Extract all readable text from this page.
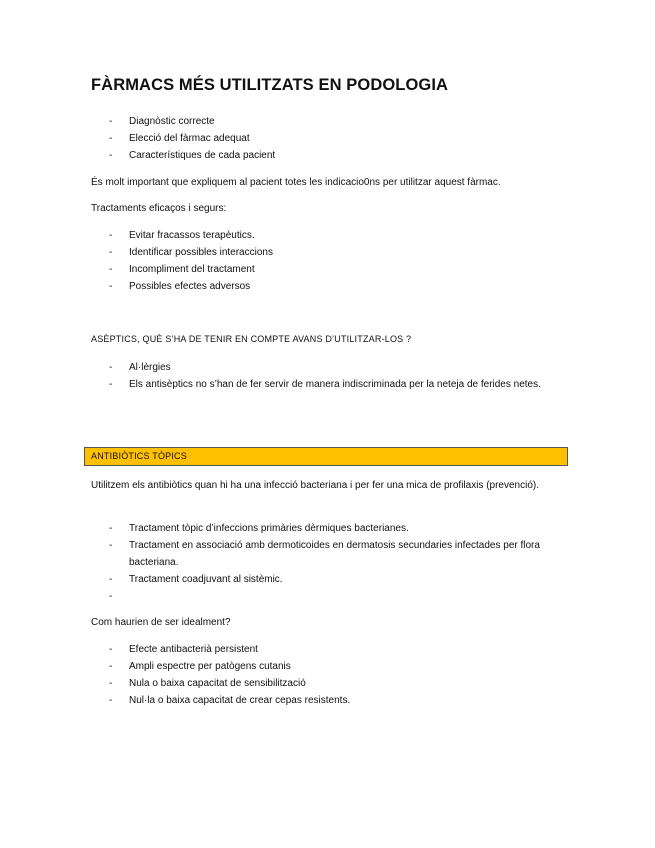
FÀRMACS MÉS UTILITZATS EN PODOLOGIA
- Diagnòstic correcte
- Elecció del fàrmac adequat
- Característiques de cada pacient
És molt important que expliquem al pacient totes les indicacio0ns per utilitzar aquest fàrmac.
Tractaments eficaços i segurs:
- Evitar fracassos terapèutics.
- Identificar possibles interaccions
- Incompliment del tractament
- Possibles efectes adversos
ASÈPTICS, QUÈ S’HA DE TENIR EN COMPTE AVANS D’UTILITZAR-LOS ?
- Al·lèrgies
- Els antisèptics no s’han de fer servir de manera indiscriminada per la neteja de ferides netes.
ANTIBIÒTICS TÒPICS
Utilitzem els antibiòtics quan hi ha una infecció bacteriana i per fer una mica de profilaxis (prevenció).
- Tractament tòpic d’infeccions primàries dèrmiques bacterianes.
- Tractament en associació amb dermoticoides en dermatosis secundaries infectades per flora bacteriana.
- Tractament coadjuvant al sistèmic.
-
Com haurien de ser idealment?
- Efecte antibacterià persistent
- Ampli espectre per patògens cutanis
- Nula o baixa capacitat de sensibilització
- Nul·la o baixa capacitat de crear cepas resistents.
